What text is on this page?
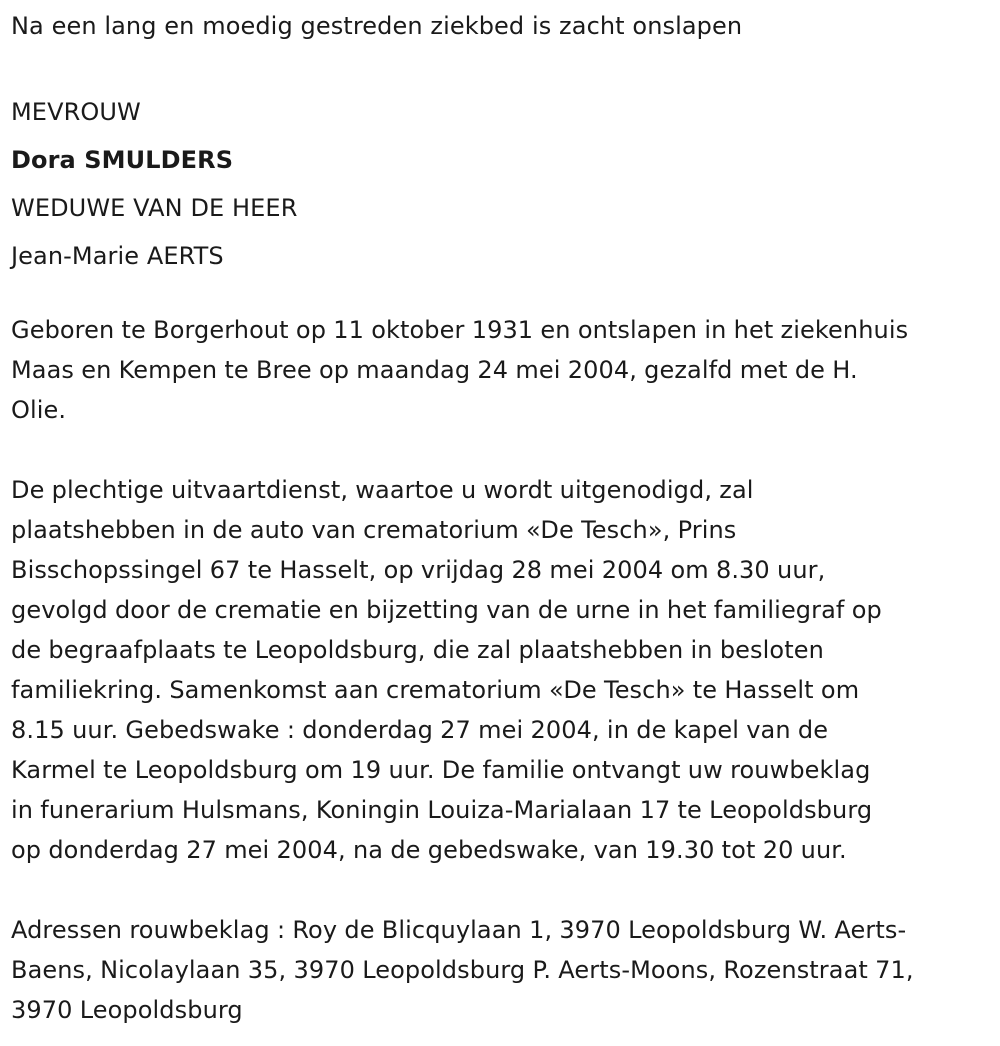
Na een lang en moedig gestreden ziekbed is zacht onslapen
MEVROUW
Dora SMULDERS
WEDUWE VAN DE HEER
Jean-Marie AERTS
Geboren te Borgerhout op 11 oktober 1931 en ontslapen in het ziekenhuis
Maas en Kempen te Bree op maandag 24 mei 2004, gezalfd met de H.
Olie.
De plechtige uitvaartdienst, waartoe u wordt uitgenodigd, zal
plaatshebben in de auto van crematorium «De Tesch», Prins
Bisschopssingel 67 te Hasselt, op vrijdag 28 mei 2004 om 8.30 uur,
gevolgd door de crematie en bijzetting van de urne in het familiegraf op
de begraafplaats te Leopoldsburg, die zal plaatshebben in besloten
familiekring. Samenkomst aan crematorium «De Tesch» te Hasselt om
8.15 uur. Gebedswake : donderdag 27 mei 2004, in de kapel van de
Karmel te Leopoldsburg om 19 uur. De familie ontvangt uw rouwbeklag
in funerarium Hulsmans, Koningin Louiza-Marialaan 17 te Leopoldsburg
op donderdag 27 mei 2004, na de gebedswake, van 19.30 tot 20 uur.
Adressen rouwbeklag : Roy de Blicquylaan 1, 3970 Leopoldsburg W. Aerts-
Baens, Nicolaylaan 35, 3970 Leopoldsburg P. Aerts-Moons, Rozenstraat 71,
3970 Leopoldsburg
